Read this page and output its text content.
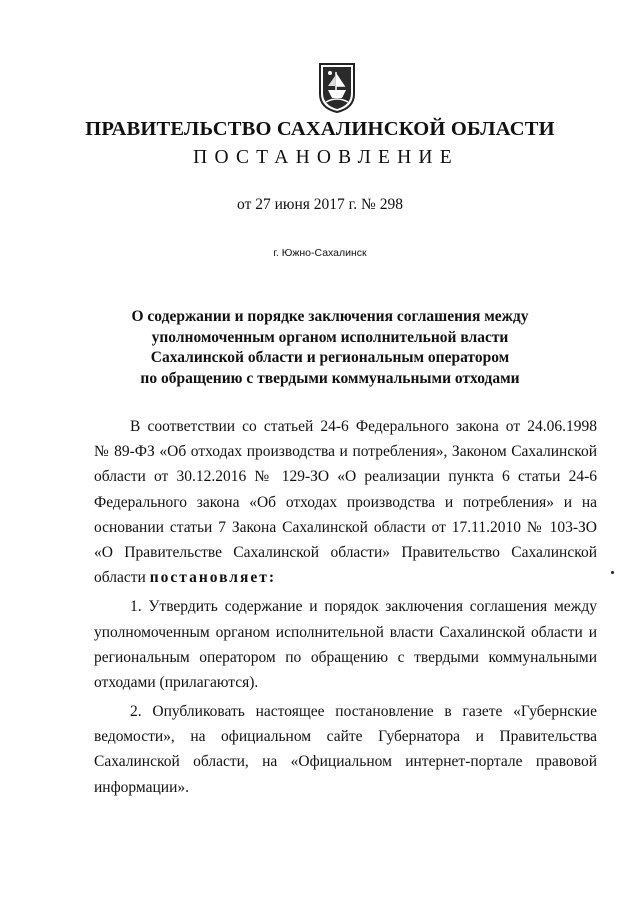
ПРАВИТЕЛЬСТВО САХАЛИНСКОЙ ОБЛАСТИ
ПОСТАНОВЛЕНИЕ
от 27 июня 2017 г. № 298
г. Южно-Сахалинск
О содержании и порядке заключения соглашения между
уполномоченным органом исполнительной власти
Сахалинской области и региональным оператором
по обращению с твердыми коммунальными отходами
В соответствии со статьей 24-6 Федерального закона от 24.06.1998
№ 89-ФЗ «Об отходах производства и потребления», Законом Сахалинской
области от 30.12.2016 № 129-ЗО «О реализации пункта 6 статьи 24-6
Федерального закона «Об отходах производства и потребления» и на
основании статьи 7 Закона Сахалинской области от 17.11.2010 № 103-ЗО
«О Правительстве Сахалинской области» Правительство Сахалинской
области постановляет:
1. Утвердить содержание и порядок заключения соглашения между
уполномоченным органом исполнительной власти Сахалинской области и
региональным оператором по обращению с твердыми коммунальными
отходами (прилагаются).
2. Опубликовать настоящее постановление в газете «Губернские
ведомости», на официальном сайте Губернатора и Правительства
Сахалинской области, на «Официальном интернет-портале правовой
информации».
